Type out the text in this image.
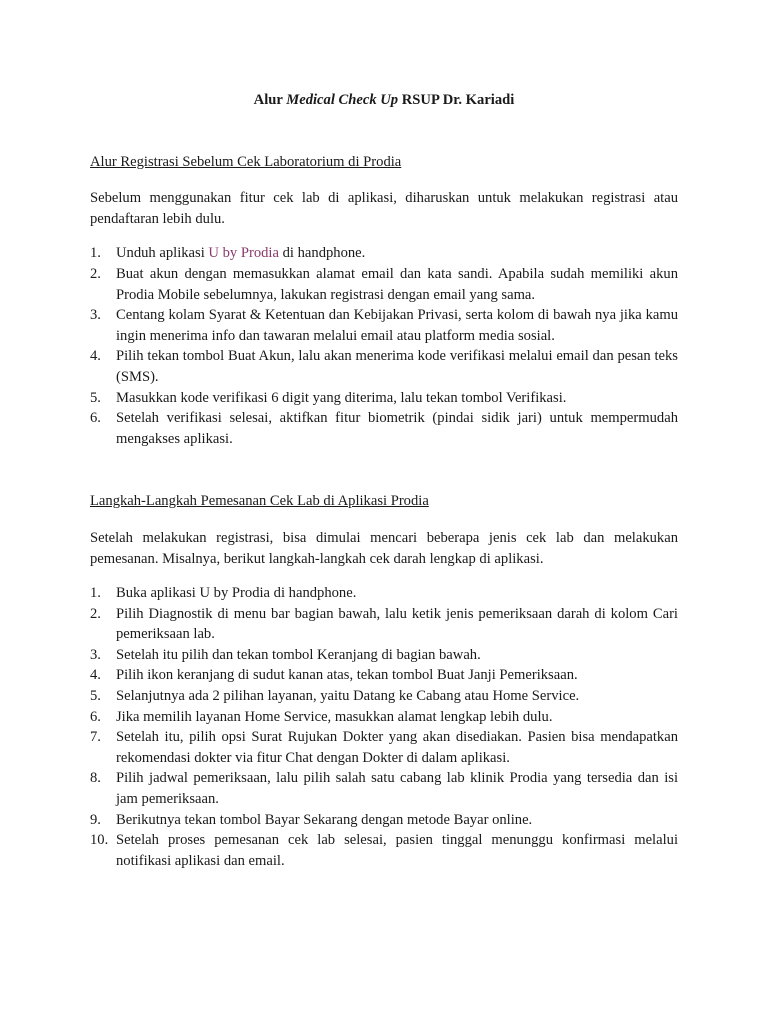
Alur Medical Check Up RSUP Dr. Kariadi
Alur Registrasi Sebelum Cek Laboratorium di Prodia
Sebelum menggunakan fitur cek lab di aplikasi, diharuskan untuk melakukan registrasi atau pendaftaran lebih dulu.
1.	Unduh aplikasi U by Prodia di handphone.
2.	Buat akun dengan memasukkan alamat email dan kata sandi. Apabila sudah memiliki akun Prodia Mobile sebelumnya, lakukan registrasi dengan email yang sama.
3.	Centang kolam Syarat & Ketentuan dan Kebijakan Privasi, serta kolom di bawah nya jika kamu ingin menerima info dan tawaran melalui email atau platform media sosial.
4.	Pilih tekan tombol Buat Akun, lalu akan menerima kode verifikasi melalui email dan pesan teks (SMS).
5.	Masukkan kode verifikasi 6 digit yang diterima, lalu tekan tombol Verifikasi.
6.	Setelah verifikasi selesai, aktifkan fitur biometrik (pindai sidik jari) untuk mempermudah mengakses aplikasi.
Langkah-Langkah Pemesanan Cek Lab di Aplikasi Prodia
Setelah melakukan registrasi, bisa dimulai mencari beberapa jenis cek lab dan melakukan pemesanan. Misalnya, berikut langkah-langkah cek darah lengkap di aplikasi.
1.	Buka aplikasi U by Prodia di handphone.
2.	Pilih Diagnostik di menu bar bagian bawah, lalu ketik jenis pemeriksaan darah di kolom Cari pemeriksaan lab.
3.	Setelah itu pilih dan tekan tombol Keranjang di bagian bawah.
4.	Pilih ikon keranjang di sudut kanan atas, tekan tombol Buat Janji Pemeriksaan.
5.	Selanjutnya ada 2 pilihan layanan, yaitu Datang ke Cabang atau Home Service.
6.	Jika memilih layanan Home Service, masukkan alamat lengkap lebih dulu.
7.	Setelah itu, pilih opsi Surat Rujukan Dokter yang akan disediakan. Pasien bisa mendapatkan rekomendasi dokter via fitur Chat dengan Dokter di dalam aplikasi.
8.	Pilih jadwal pemeriksaan, lalu pilih salah satu cabang lab klinik Prodia yang tersedia dan isi jam pemeriksaan.
9.	Berikutnya tekan tombol Bayar Sekarang dengan metode Bayar online.
10. Setelah proses pemesanan cek lab selesai, pasien tinggal menunggu konfirmasi melalui notifikasi aplikasi dan email.
